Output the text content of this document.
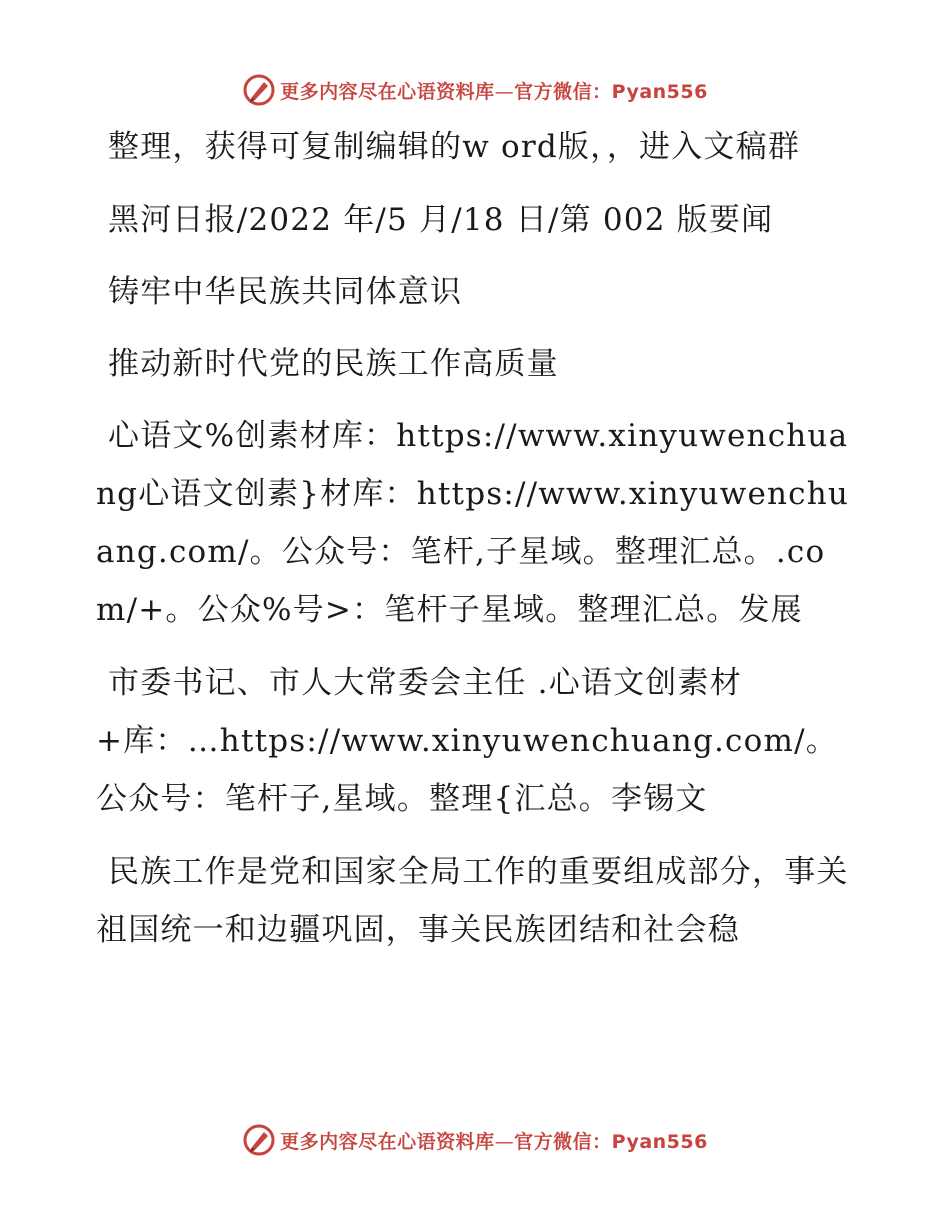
更多内容尽在心语资料库—官方微信：Pyan556

整理，获得可复制编辑的w ord版，，进入文稿群

黑河日报/2022 年/5 月/18 日/第 002 版要闻

铸牢中华民族共同体意识

推动新时代党的民族工作高质量

心语文%创素材库：https://www.xinyuwenchuang心语文创素}材库：https://www.xinyuwenchuang.com/。公众号：笔杆,子星域。整理汇总。.com/+。公众%号>：笔杆子星域。整理汇总。发展

市委书记、市人大常委会主任 .心语文创素材+库：…https://www.xinyuwenchuang.com/。公众号：笔杆子,星域。整理{汇总。李锡文

民族工作是党和国家全局工作的重要组成部分，事关祖国统一和边疆巩固，事关民族团结和社会稳

更多内容尽在心语资料库—官方微信：Pyan556
